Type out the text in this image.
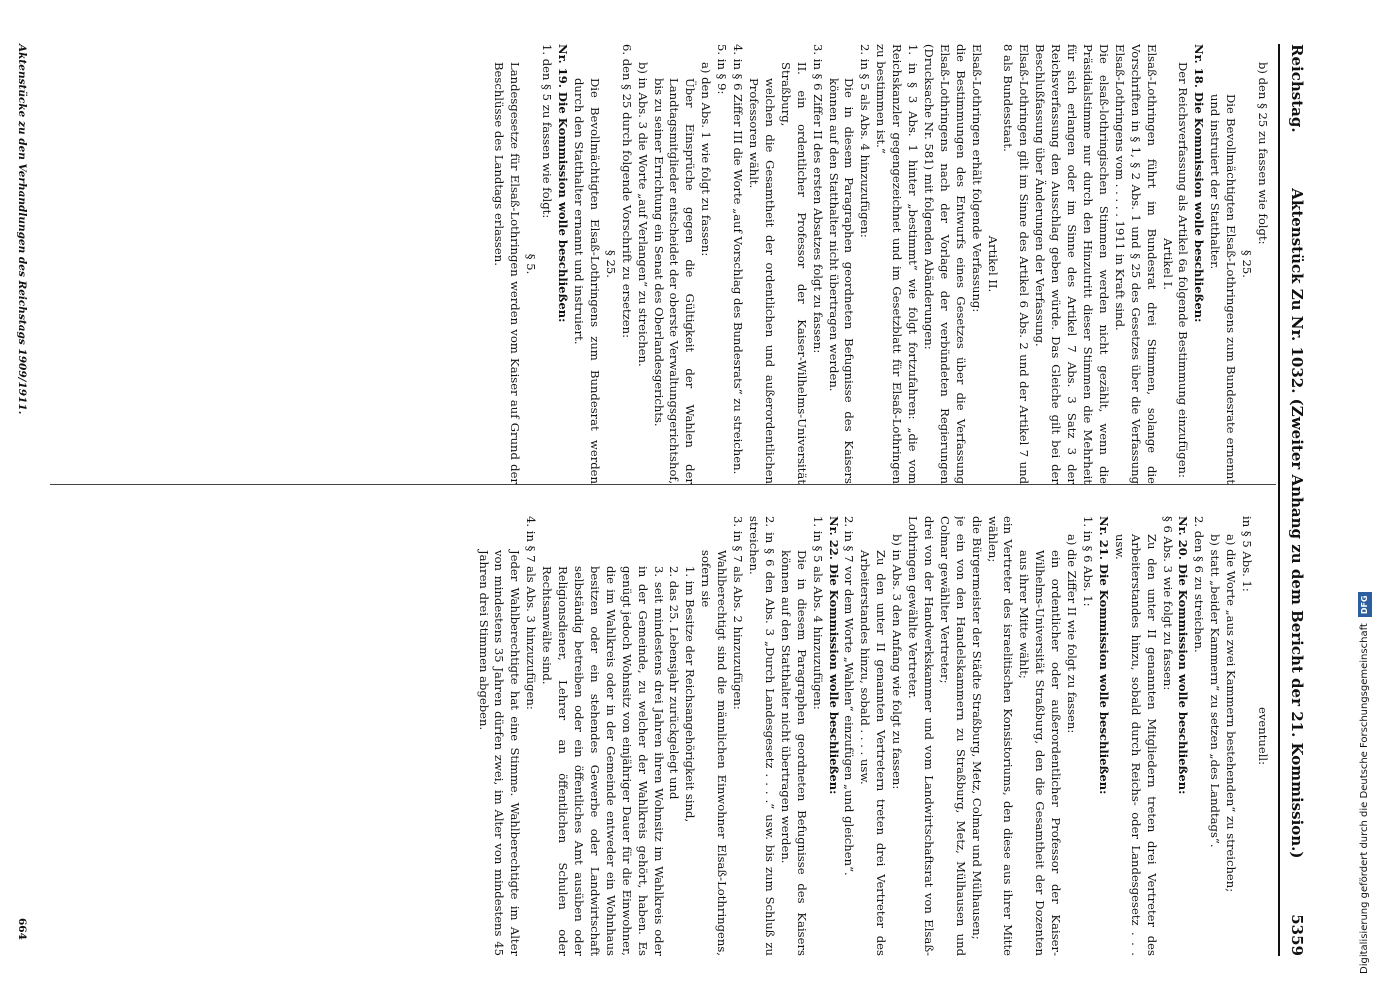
Reichstag.
Aktenstück Zu Nr. 1032. (Zweiter Anhang zu dem Bericht der 21. Kommission.)
5359

b) den § 25 zu fassen wie folgt:

§ 25.

Die Bevollmächtigten Elsaß-Lothringens zum Bundesrate ernennt und instruiert der Statthalter.

Nr. 18. Die Kommission wolle beschließen:

Der Reichsverfassung als Artikel 6a folgende Bestimmung einzufügen:

Artikel I.

Elsaß-Lothringen führt im Bundesrat drei Stimmen, solange die Vorschriften in § 1, § 2 Abs. 1 und § 25 des Gesetzes über die Verfassung Elsaß-Lothringens vom . . . . . 1911 in Kraft sind.

Die elsaß-lothringischen Stimmen werden nicht gezählt, wenn die Präsidialstimme nur durch den Hinzutritt dieser Stimmen die Mehrheit für sich erlangen oder im Sinne des Artikel 7 Abs. 3 Satz 3 der Reichsverfassung den Ausschlag geben würde. Das Gleiche gilt bei der Beschlußfassung über Änderungen der Verfassung.

Elsaß-Lothringen gilt im Sinne des Artikel 6 Abs. 2 und der Artikel 7 und 8 als Bundesstaat.

Artikel II.

Elsaß-Lothringen erhält folgende Verfassung:

die Bestimmungen des Entwurfs eines Gesetzes über die Verfassung Elsaß-Lothringens nach der Vorlage der verbündeten Regierungen (Drucksache Nr. 581) mit folgenden Abänderungen:

1. in § 3 Abs. 1 hinter „bestimmt“ wie folgt fortzufahren: „die vom Reichskanzler gegengezeichnet und im Gesetzblatt für Elsaß-Lothringen zu bestimmen ist.“

2. in § 5 als Abs. 4 hinzuzufügen:

Die in diesem Paragraphen geordneten Befugnisse des Kaisers können auf den Statthalter nicht übertragen werden.

3. in § 6 Ziffer II des ersten Absatzes folgt zu fassen:

II. ein ordentlicher Professor der Kaiser-Wilhelms-Universität Straßburg,

welchen die Gesamtheit der ordentlichen und außerordentlichen Professoren wählt.

4. in § 6 Ziffer III die Worte „auf Vorschlag des Bundesrats“ zu streichen.

5. in § 9:

a) den Abs. 1 wie folgt zu fassen:

Über Einsprüche gegen die Gültigkeit der Wahlen der Landtagsmitglieder entscheidet der oberste Verwaltungsgerichtshof, bis zu seiner Errichtung ein Senat des Oberlandesgerichts.

b) in Abs. 3 die Worte „auf Verlangen“ zu streichen.

6. den § 25 durch folgende Vorschrift zu ersetzen:

§ 25.

Die Bevollmächtigten Elsaß-Lothringens zum Bundesrat werden durch den Statthalter ernannt und instruiert.

Nr. 19. Die Kommission wolle beschließen:

1. den § 5 zu fassen wie folgt:

§ 5.

Landesgesetze für Elsaß-Lothringen werden vom Kaiser auf Grund der Beschlüsse des Landtags erlassen.

eventuell:

in § 5 Abs. 1:

a) die Worte „aus zwei Kammern bestehenden“ zu streichen;

b) statt „beider Kammern“ zu setzen „des Landtags“.

2. den § 6 zu streichen.

Nr. 20. Die Kommission wolle beschließen:

§ 6 Abs. 3 wie folgt zu fassen:

Zu den unter II genannten Mitgliedern treten drei Vertreter des Arbeiterstandes hinzu, sobald durch Reichs- oder Landesgesetz . . . usw.

Nr. 21. Die Kommission wolle beschließen:

1. in § 6 Abs. 1:

a) die Ziffer II wie folgt zu fassen:

ein ordentlicher oder außerordentlicher Professor der Kaiser-Wilhelms-Universität Straßburg, den die Gesamtheit der Dozenten aus ihrer Mitte wählt;

ein Vertreter des israelitischen Konsistoriums, den diese aus ihrer Mitte wählen;

die Bürgermeister der Städte Straßburg, Metz, Colmar und Mülhausen;

je ein von den Handelskammern zu Straßburg, Metz, Mülhausen und Colmar gewählter Vertreter;

drei von der Handwerkskammer und vom Landwirtschaftsrat von Elsaß-Lothringen gewählte Vertreter.

b) in Abs. 3 den Anfang wie folgt zu fassen:

Zu den unter II genannten Vertretern treten drei Vertreter des Arbeiterstandes hinzu, sobald . . . . usw.

2. in § 7 vor dem Worte „Wahlen“ einzufügen „und gleichen“.

Nr. 22. Die Kommission wolle beschließen:

1. in § 5 als Abs. 4 hinzuzufügen:

Die in diesem Paragraphen geordneten Befugnisse des Kaisers können auf den Statthalter nicht übertragen werden.

2. in § 6 den Abs. 3 „Durch Landesgesetz . . . .“ usw. bis zum Schluß zu streichen.

3. in § 7 als Abs. 2 hinzuzufügen:

Wahlberechtigt sind die männlichen Einwohner Elsaß-Lothringens, sofern sie

1. im Besitze der Reichsangehörigkeit sind,

2. das 25. Lebensjahr zurückgelegt und

3. seit mindestens drei Jahren ihren Wohnsitz im Wahlkreis oder in der Gemeinde, zu welcher der Wahlkreis gehört, haben. Es genügt jedoch Wohnsitz von einjähriger Dauer für die Einwohner, die im Wahlkreis oder in der Gemeinde entweder ein Wohnhaus besitzen oder ein stehendes Gewerbe oder Landwirtschaft selbständig betreiben oder ein öffentliches Amt ausüben oder Religionsdiener, Lehrer an öffentlichen Schulen oder Rechtsanwälte sind.

4. in § 7 als Abs. 3 hinzuzufügen:

Jeder Wahlberechtigte hat eine Stimme. Wahlberechtigte im Alter von mindestens 35 Jahren dürfen zwei, im Alter von mindestens 45 Jahren drei Stimmen abgeben.

Aktenstücke zu den Verhandlungen des Reichstags 1909/1911.
664	Digitalisierung gefördert durch die Deutsche Forschungsgemeinschaft
DFG
